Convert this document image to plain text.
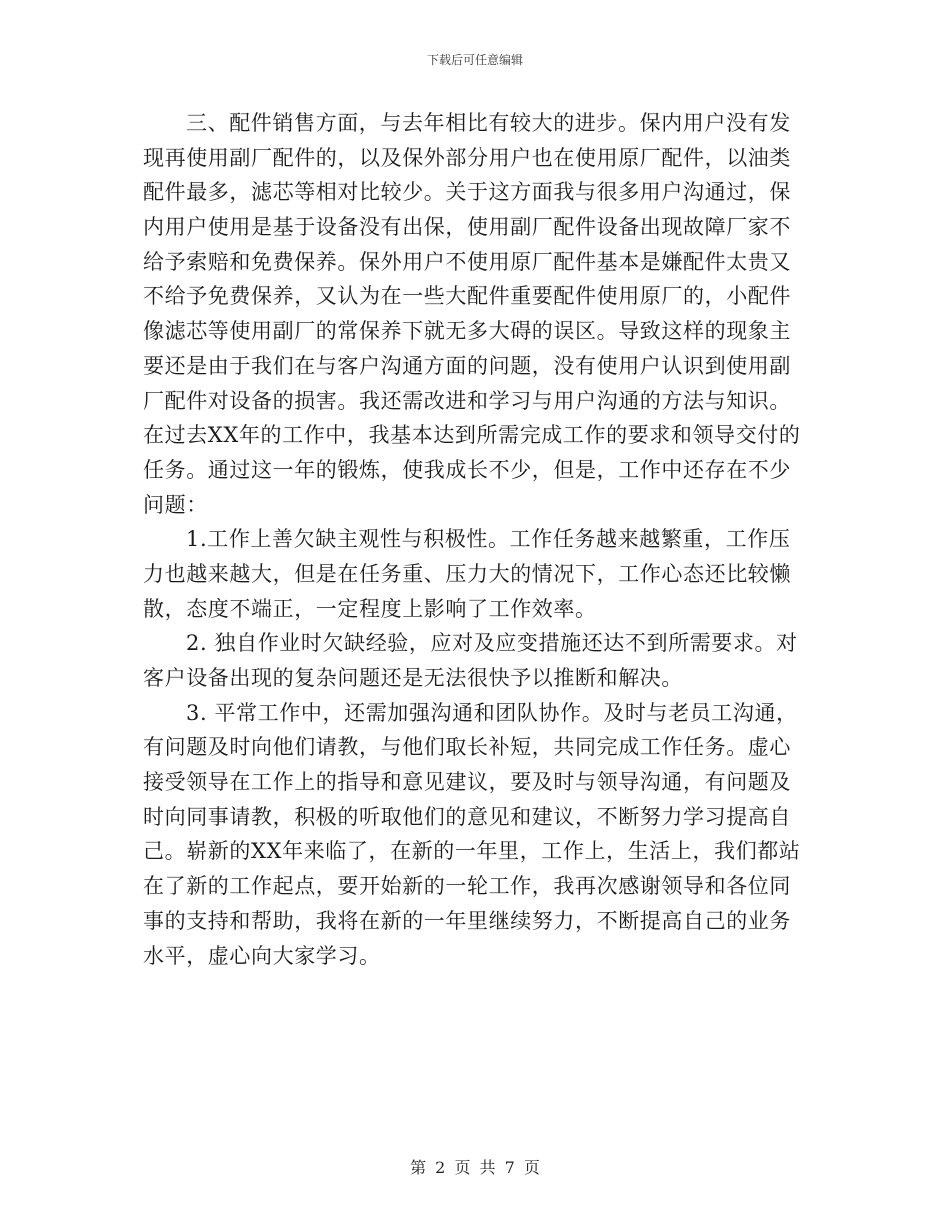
下载后可任意编辑
三、配件销售方面，与去年相比有较大的进步。保内用户没有发
现再使用副厂配件的，以及保外部分用户也在使用原厂配件，以油类
配件最多，滤芯等相对比较少。关于这方面我与很多用户沟通过，保
内用户使用是基于设备没有出保，使用副厂配件设备出现故障厂家不
给予索赔和免费保养。保外用户不使用原厂配件基本是嫌配件太贵又
不给予免费保养，又认为在一些大配件重要配件使用原厂的，小配件
像滤芯等使用副厂的常保养下就无多大碍的误区。导致这样的现象主
要还是由于我们在与客户沟通方面的问题，没有使用户认识到使用副
厂配件对设备的损害。我还需改进和学习与用户沟通的方法与知识。
在过去XX年的工作中，我基本达到所需完成工作的要求和领导交付的
任务。通过这一年的锻炼，使我成长不少，但是，工作中还存在不少
问题：
1.工作上善欠缺主观性与积极性。工作任务越来越繁重，工作压
力也越来越大，但是在任务重、压力大的情况下，工作心态还比较懒
散，态度不端正，一定程度上影响了工作效率。
2. 独自作业时欠缺经验，应对及应变措施还达不到所需要求。对
客户设备出现的复杂问题还是无法很快予以推断和解决。
3. 平常工作中，还需加强沟通和团队协作。及时与老员工沟通，
有问题及时向他们请教，与他们取长补短，共同完成工作任务。虚心
接受领导在工作上的指导和意见建议，要及时与领导沟通，有问题及
时向同事请教，积极的听取他们的意见和建议，不断努力学习提高自
己。崭新的XX年来临了，在新的一年里，工作上，生活上，我们都站
在了新的工作起点，要开始新的一轮工作，我再次感谢领导和各位同
事的支持和帮助，我将在新的一年里继续努力，不断提高自己的业务
水平，虚心向大家学习。
第 2 页 共 7 页
